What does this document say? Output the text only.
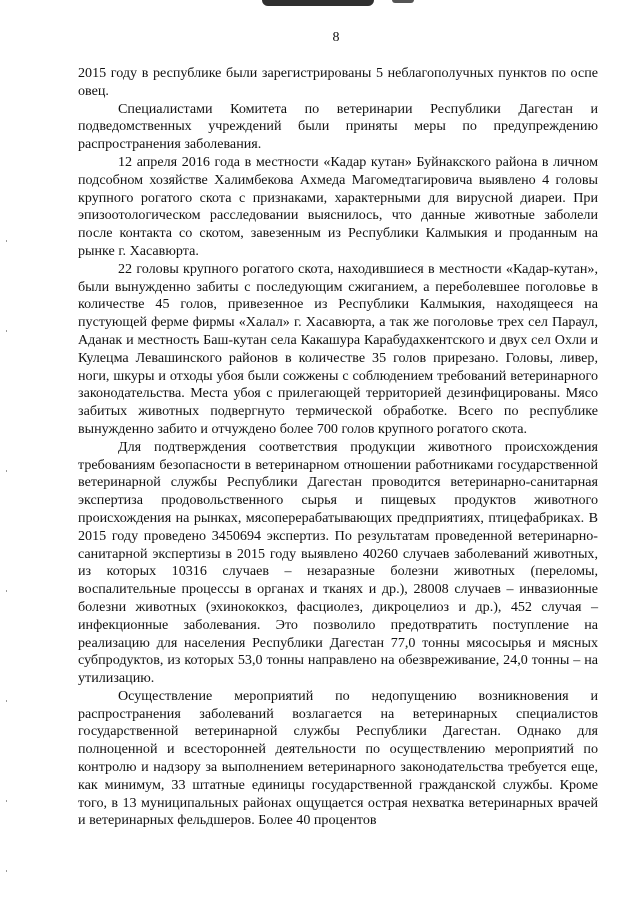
8

2015 году в республике были зарегистрированы 5 неблагополучных пунктов по оспе овец.

Специалистами Комитета по ветеринарии Республики Дагестан и подведомственных учреждений были приняты меры по предупреждению распространения заболевания.

12 апреля 2016 года в местности «Кадар кутан» Буйнакского района в личном подсобном хозяйстве Халимбекова Ахмеда Магомедтагировича выявлено 4 головы крупного рогатого скота с признаками, характерными для вирусной диареи. При эпизоотологическом расследовании выяснилось, что данные животные заболели после контакта со скотом, завезенным из Республики Калмыкия и проданным на рынке г. Хасавюрта.

22 головы крупного рогатого скота, находившиеся в местности «Кадар-кутан», были вынужденно забиты с последующим сжиганием, а переболевшее поголовье в количестве 45 голов, привезенное из Республики Калмыкия, находящееся на пустующей ферме фирмы «Халал» г. Хасавюрта, а так же поголовье трех сел Параул, Аданак и местность Баш-кутан села Какашура Карабудахкентского и двух сел Охли и Кулецма Левашинского районов в количестве 35 голов прирезано. Головы, ливер, ноги, шкуры и отходы убоя были сожжены с соблюдением требований ветеринарного законодательства. Места убоя с прилегающей территорией дезинфицированы. Мясо забитых животных подвергнуто термической обработке. Всего по республике вынужденно забито и отчуждено более 700 голов крупного рогатого скота.

Для подтверждения соответствия продукции животного происхождения требованиям безопасности в ветеринарном отношении работниками государственной ветеринарной службы Республики Дагестан проводится ветеринарно-санитарная экспертиза продовольственного сырья и пищевых продуктов животного происхождения на рынках, мясоперерабатывающих предприятиях, птицефабриках. В 2015 году проведено 3450694 экспертиз. По результатам проведенной ветеринарно-санитарной экспертизы в 2015 году выявлено 40260 случаев заболеваний животных, из которых 10316 случаев – незаразные болезни животных (переломы, воспалительные процессы в органах и тканях и др.), 28008 случаев – инвазионные болезни животных (эхинококкоз, фасциолез, дикроцелиоз и др.), 452 случая – инфекционные заболевания. Это позволило предотвратить поступление на реализацию для населения Республики Дагестан 77,0 тонны мясосырья и мясных субпродуктов, из которых 53,0 тонны направлено на обезвреживание, 24,0 тонны – на утилизацию.

Осуществление мероприятий по недопущению возникновения и распространения заболеваний возлагается на ветеринарных специалистов государственной ветеринарной службы Республики Дагестан. Однако для полноценной и всесторонней деятельности по осуществлению мероприятий по контролю и надзору за выполнением ветеринарного законодательства требуется еще, как минимум, 33 штатные единицы государственной гражданской службы. Кроме того, в 13 муниципальных районах ощущается острая нехватка ветеринарных врачей и ветеринарных фельдшеров. Более 40 процентов
